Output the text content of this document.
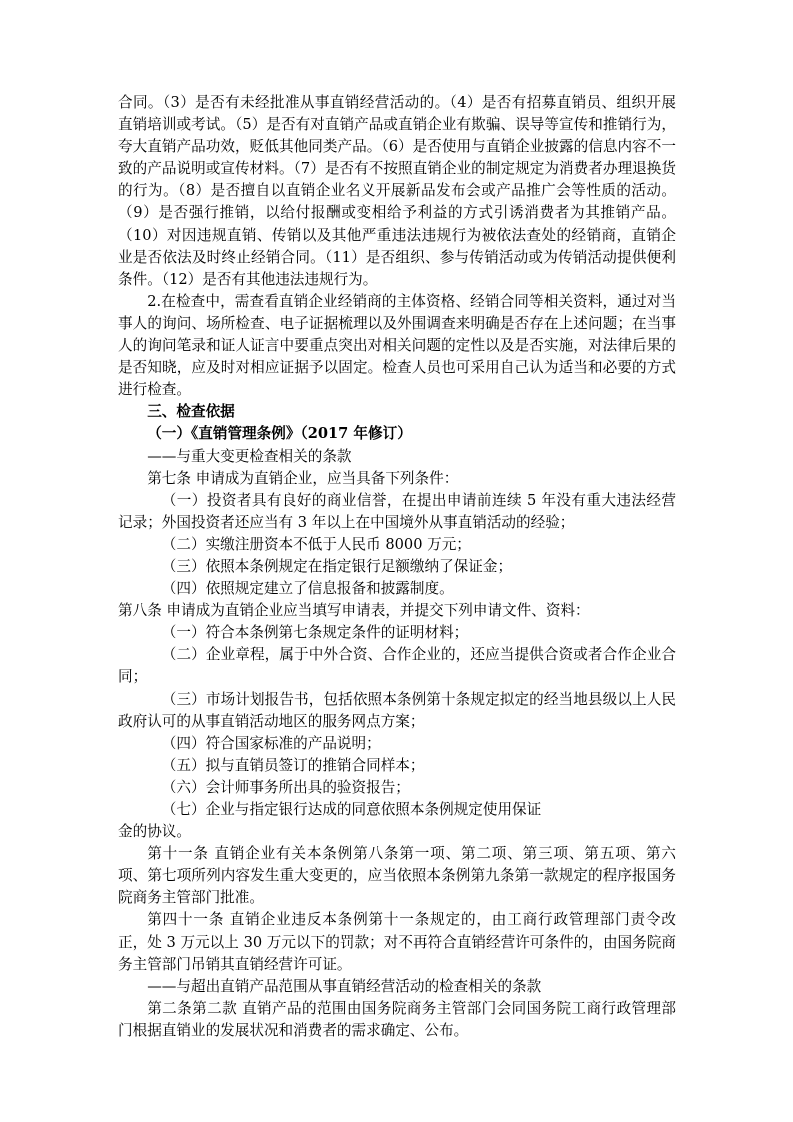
合同。（3）是否有未经批准从事直销经营活动的。（4）是否有招募直销员、组织开展直销培训或考试。（5）是否有对直销产品或直销企业有欺骗、误导等宣传和推销行为，夸大直销产品功效，贬低其他同类产品。（6）是否使用与直销企业披露的信息内容不一致的产品说明或宣传材料。（7）是否有不按照直销企业的制定规定为消费者办理退换货的行为。（8）是否擅自以直销企业名义开展新品发布会或产品推广会等性质的活动。（9）是否强行推销，以给付报酬或变相给予利益的方式引诱消费者为其推销产品。（10）对因违规直销、传销以及其他严重违法违规行为被依法查处的经销商，直销企业是否依法及时终止经销合同。（11）是否组织、参与传销活动或为传销活动提供便利条件。（12）是否有其他违法违规行为。

2.在检查中，需查看直销企业经销商的主体资格、经销合同等相关资料，通过对当事人的询问、场所检查、电子证据梳理以及外围调查来明确是否存在上述问题；在当事人的询问笔录和证人证言中要重点突出对相关问题的定性以及是否实施，对法律后果的是否知晓，应及时对相应证据予以固定。检查人员也可采用自己认为适当和必要的方式进行检查。

三、检查依据

（一）《直销管理条例》（2017 年修订）

——与重大变更检查相关的条款

第七条 申请成为直销企业，应当具备下列条件：

（一）投资者具有良好的商业信誉，在提出申请前连续 5 年没有重大违法经营记录；外国投资者还应当有 3 年以上在中国境外从事直销活动的经验；

（二）实缴注册资本不低于人民币 8000 万元；

（三）依照本条例规定在指定银行足额缴纳了保证金；

（四）依照规定建立了信息报备和披露制度。

第八条 申请成为直销企业应当填写申请表，并提交下列申请文件、资料：

（一）符合本条例第七条规定条件的证明材料；

（二）企业章程，属于中外合资、合作企业的，还应当提供合资或者合作企业合同；

（三）市场计划报告书，包括依照本条例第十条规定拟定的经当地县级以上人民政府认可的从事直销活动地区的服务网点方案；

（四）符合国家标准的产品说明；

（五）拟与直销员签订的推销合同样本；

（六）会计师事务所出具的验资报告；

（七）企业与指定银行达成的同意依照本条例规定使用保证

金的协议。

第十一条 直销企业有关本条例第八条第一项、第二项、第三项、第五项、第六项、第七项所列内容发生重大变更的，应当依照本条例第九条第一款规定的程序报国务院商务主管部门批准。

第四十一条 直销企业违反本条例第十一条规定的，由工商行政管理部门责令改正，处 3 万元以上 30 万元以下的罚款；对不再符合直销经营许可条件的，由国务院商务主管部门吊销其直销经营许可证。

——与超出直销产品范围从事直销经营活动的检查相关的条款

第二条第二款 直销产品的范围由国务院商务主管部门会同国务院工商行政管理部门根据直销业的发展状况和消费者的需求确定、公布。
